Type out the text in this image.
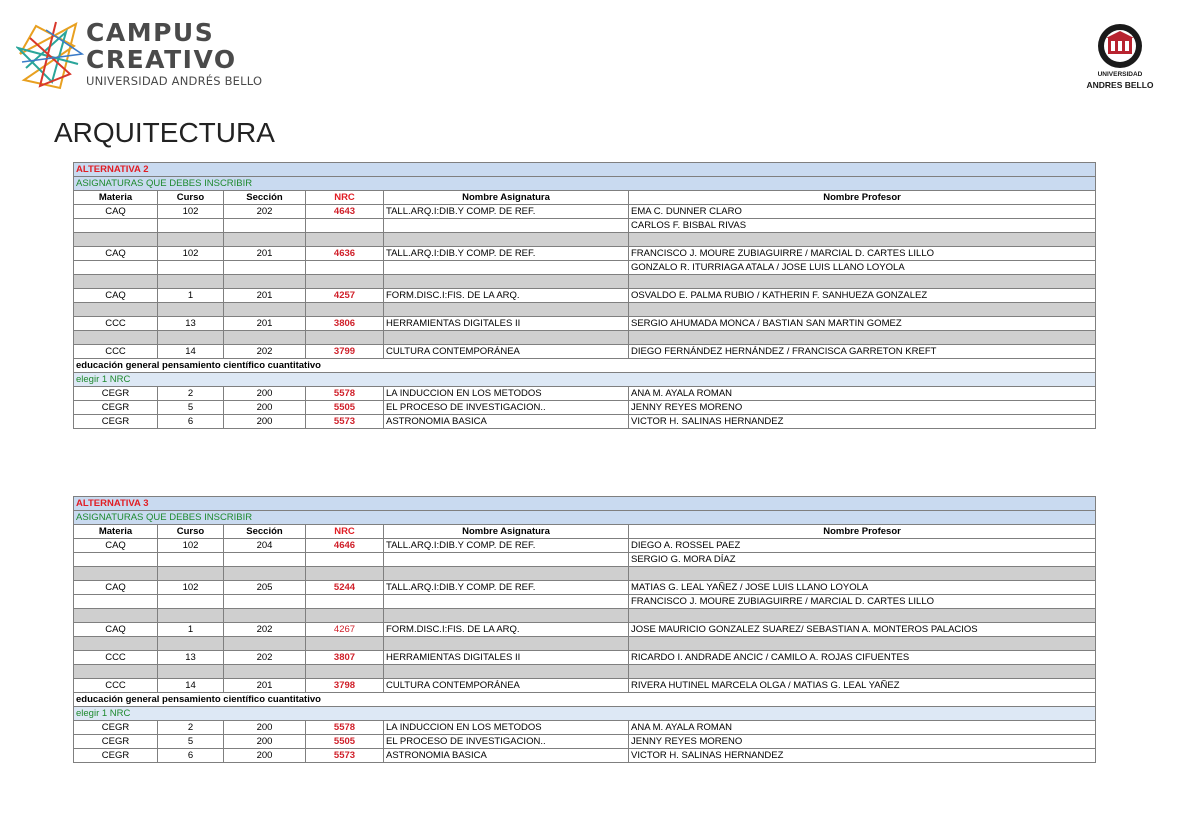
CAMPUS
CREATIVO
UNIVERSIDAD ANDRÉS BELLO	UNIVERSIDAD
ANDRES BELLO
ARQUITECTURA
ALTERNATIVA 2					
ASIGNATURAS QUE DEBES INSCRIBIR					
Materia	Curso	Sección	NRC	Nombre Asignatura	Nombre Profesor
CAQ	102	202	4643	TALL.ARQ.I:DIB.Y COMP. DE REF.	EMA C. DUNNER CLARO
					CARLOS F. BISBAL RIVAS

CAQ	102	201	4636	TALL.ARQ.I:DIB.Y COMP. DE REF.	FRANCISCO J. MOURE ZUBIAGUIRRE / MARCIAL D. CARTES LILLO
					GONZALO R. ITURRIAGA ATALA / JOSE LUIS LLANO LOYOLA

CAQ	1	201	4257	FORM.DISC.I:FIS. DE LA ARQ.	OSVALDO E. PALMA RUBIO / KATHERIN F. SANHUEZA GONZALEZ

CCC	13	201	3806	HERRAMIENTAS DIGITALES II	SERGIO AHUMADA MONCA / BASTIAN SAN MARTIN GOMEZ

CCC	14	202	3799	CULTURA CONTEMPORÁNEA	DIEGO FERNÁNDEZ HERNÁNDEZ / FRANCISCA GARRETON KREFT
educación general pensamiento científico cuantitativo					
elegir 1 NRC					
CEGR	2	200	5578	LA INDUCCION EN LOS METODOS	ANA M. AYALA ROMAN
CEGR	5	200	5505	EL PROCESO DE INVESTIGACION..	JENNY REYES MORENO
CEGR	6	200	5573	ASTRONOMIA BASICA	VICTOR H. SALINAS HERNANDEZ
ALTERNATIVA 3					
ASIGNATURAS QUE DEBES INSCRIBIR					
Materia	Curso	Sección	NRC	Nombre Asignatura	Nombre Profesor
CAQ	102	204	4646	TALL.ARQ.I:DIB.Y COMP. DE REF.	DIEGO A. ROSSEL PAEZ
					SERGIO G. MORA DÍAZ

CAQ	102	205	5244	TALL.ARQ.I:DIB.Y COMP. DE REF.	MATIAS G. LEAL YAÑEZ / JOSE LUIS LLANO LOYOLA
					FRANCISCO J. MOURE ZUBIAGUIRRE / MARCIAL D. CARTES LILLO

CAQ	1	202	4267	FORM.DISC.I:FIS. DE LA ARQ.	JOSE MAURICIO GONZALEZ SUAREZ/ SEBASTIAN A. MONTEROS PALACIOS

CCC	13	202	3807	HERRAMIENTAS DIGITALES II	RICARDO I. ANDRADE ANCIC / CAMILO A. ROJAS CIFUENTES

CCC	14	201	3798	CULTURA CONTEMPORÁNEA	RIVERA HUTINEL MARCELA OLGA / MATIAS G. LEAL YAÑEZ
educación general pensamiento científico cuantitativo					
elegir 1 NRC					
CEGR	2	200	5578	LA INDUCCION EN LOS METODOS	ANA M. AYALA ROMAN
CEGR	5	200	5505	EL PROCESO DE INVESTIGACION..	JENNY REYES MORENO
CEGR	6	200	5573	ASTRONOMIA BASICA	VICTOR H. SALINAS HERNANDEZ
